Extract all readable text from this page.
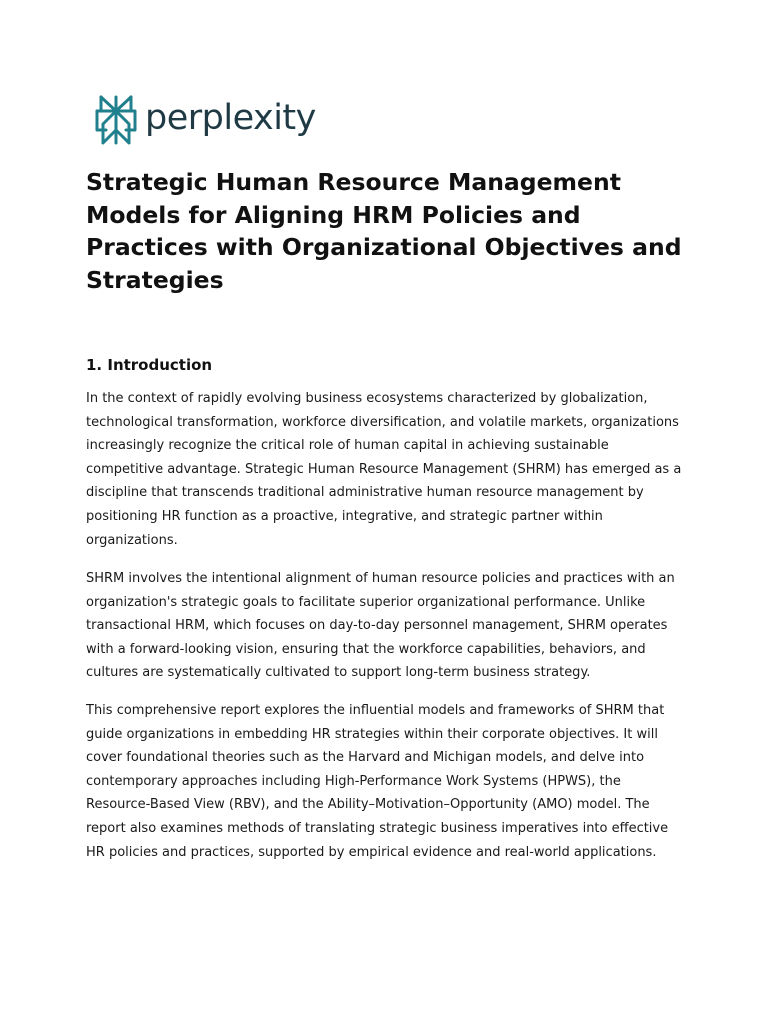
perplexity
Strategic Human Resource Management Models for Aligning HRM Policies and Practices with Organizational Objectives and Strategies
1. Introduction

In the context of rapidly evolving business ecosystems characterized by globalization, technological transformation, workforce diversification, and volatile markets, organizations increasingly recognize the critical role of human capital in achieving sustainable competitive advantage. Strategic Human Resource Management (SHRM) has emerged as a discipline that transcends traditional administrative human resource management by positioning HR function as a proactive, integrative, and strategic partner within organizations.

SHRM involves the intentional alignment of human resource policies and practices with an organization's strategic goals to facilitate superior organizational performance. Unlike transactional HRM, which focuses on day-to-day personnel management, SHRM operates with a forward-looking vision, ensuring that the workforce capabilities, behaviors, and cultures are systematically cultivated to support long-term business strategy.

This comprehensive report explores the influential models and frameworks of SHRM that guide organizations in embedding HR strategies within their corporate objectives. It will cover foundational theories such as the Harvard and Michigan models, and delve into contemporary approaches including High-Performance Work Systems (HPWS), the Resource-Based View (RBV), and the Ability–Motivation–Opportunity (AMO) model. The report also examines methods of translating strategic business imperatives into effective HR policies and practices, supported by empirical evidence and real-world applications.
